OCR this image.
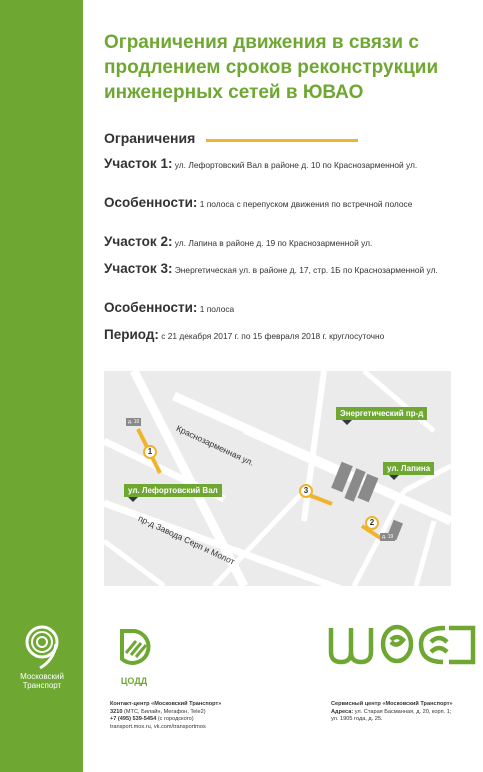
Московский
Транспорт
Ограничения движения в связи с продлением сроков реконструкции инженерных сетей в ЮВАО
Ограничения
Участок 1: ул. Лефортовский Вал в районе д. 10 по Краснозарменной ул.
Особенности: 1 полоса с перепуском движения по встречной полосе
Участок 2: ул. Лапина в районе д. 19 по Краснозарменной ул.
Участок 3: Энергетическая ул. в районе д. 17, стр. 1Б по Краснозарменной ул.
Особенности: 1 полоса
Период: с 21 декабря 2017 г. по 15 февраля 2018 г. круглосуточно
Краснозарменная ул.
пр-д Завода Серп и Молот
Энергетический пр-д
ул. Лапина
ул. Лефортовский Вал
д. 10
д. 19
1
2
3
ЦОДД
Контакт-центр «Московский Транспорт»
3210 (МТС, Билайн, Мегафон, Tele2)
+7 (495) 539-5454 (с городского)
transport.mos.ru, vk.com/transportmos
Сервисный центр «Московский Транспорт»
Адреса: ул. Старая Басманная, д. 20, корп. 1;
ул. 1905 года, д. 25.
